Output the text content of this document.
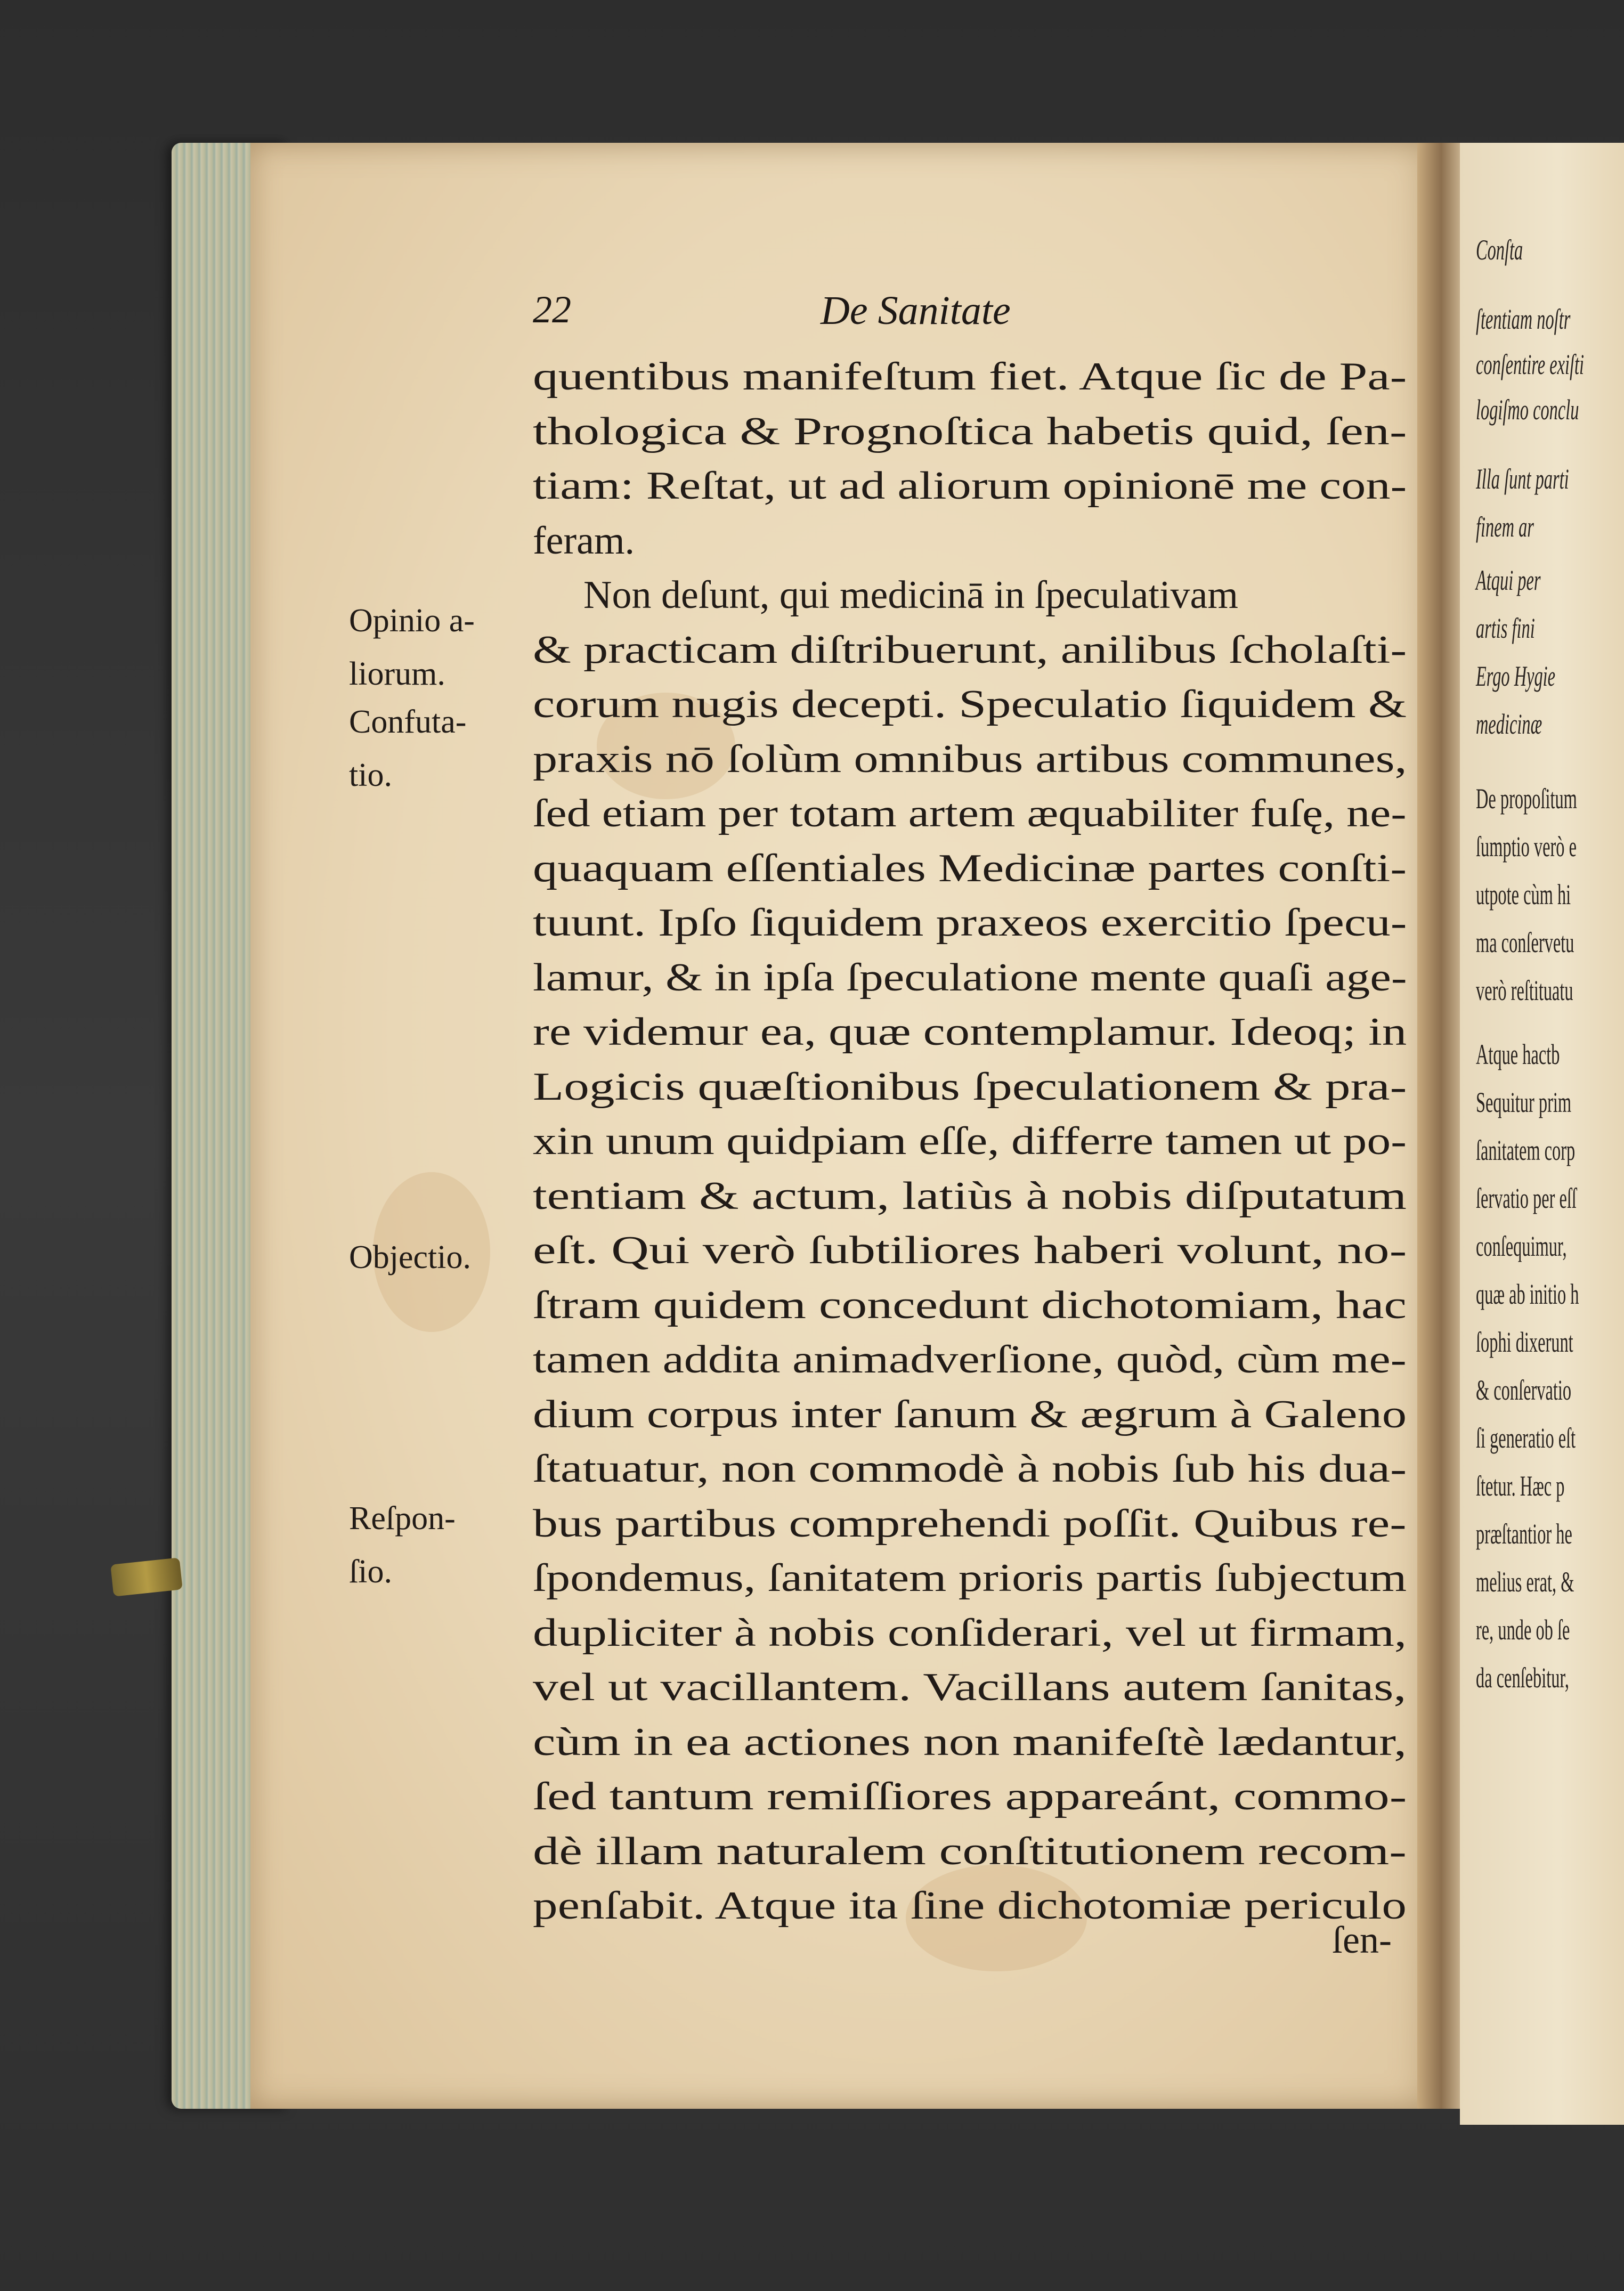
Conſta
ſtentiam noſtr
conſentire exiſti
logiſmo conclu
Illa ſunt parti
finem ar
Atqui per
artis fini
Ergo Hygie
medicinæ
De propoſitum
ſumptio verò e
utpote cùm hi
ma conſervetu
verò reſtituatu
Atque hactb
Sequitur prim
ſanitatem corp
ſervatio per eſſ
conſequimur,
quæ ab initio h
ſophi dixerunt
& conſervatio
ſi generatio eſt
ſtetur. Hæc p
præſtantior he
melius erat, &
re, unde ob ſe
da cenſebitur,
22	De Sanitate
Opinio a-
liorum.
Confuta-
tio.
Objectio.
Reſpon-
ſio.
quentibus manifeſtum fiet. Atque ſic de Pa-
thologica & Prognoſtica habetis quid, ſen-
tiam: Reſtat, ut ad aliorum opinionē me con-
feram.
Non deſunt, qui medicinā in ſpeculativam
& practicam diſtribuerunt, anilibus ſcholaſti-
corum nugis decepti. Speculatio ſiquidem &
praxis nō ſolùm omnibus artibus communes,
ſed etiam per totam artem æquabiliter fuſę, ne-
quaquam eſſentiales Medicinæ partes conſti-
tuunt. Ipſo ſiquidem praxeos exercitio ſpecu-
lamur, & in ipſa ſpeculatione mente quaſi age-
re videmur ea, quæ contemplamur. Ideoq; in
Logicis quæſtionibus ſpeculationem & pra-
xin unum quidpiam eſſe, differre tamen ut po-
tentiam & actum, latiùs à nobis diſputatum
eſt. Qui verò ſubtiliores haberi volunt, no-
ſtram quidem concedunt dichotomiam, hac
tamen addita animadverſione, quòd, cùm me-
dium corpus inter ſanum & ægrum à Galeno
ſtatuatur, non commodè à nobis ſub his dua-
bus partibus comprehendi poſſit. Quibus re-
ſpondemus, ſanitatem prioris partis ſubjectum
dupliciter à nobis conſiderari, vel ut firmam,
vel ut vacillantem. Vacillans autem ſanitas,
cùm in ea actiones non manifeſtè lædantur,
ſed tantum remiſſiores appareánt, commo-
dè illam naturalem conſtitutionem recom-
penſabit. Atque ita ſine dichotomiæ periculo
ſen-
